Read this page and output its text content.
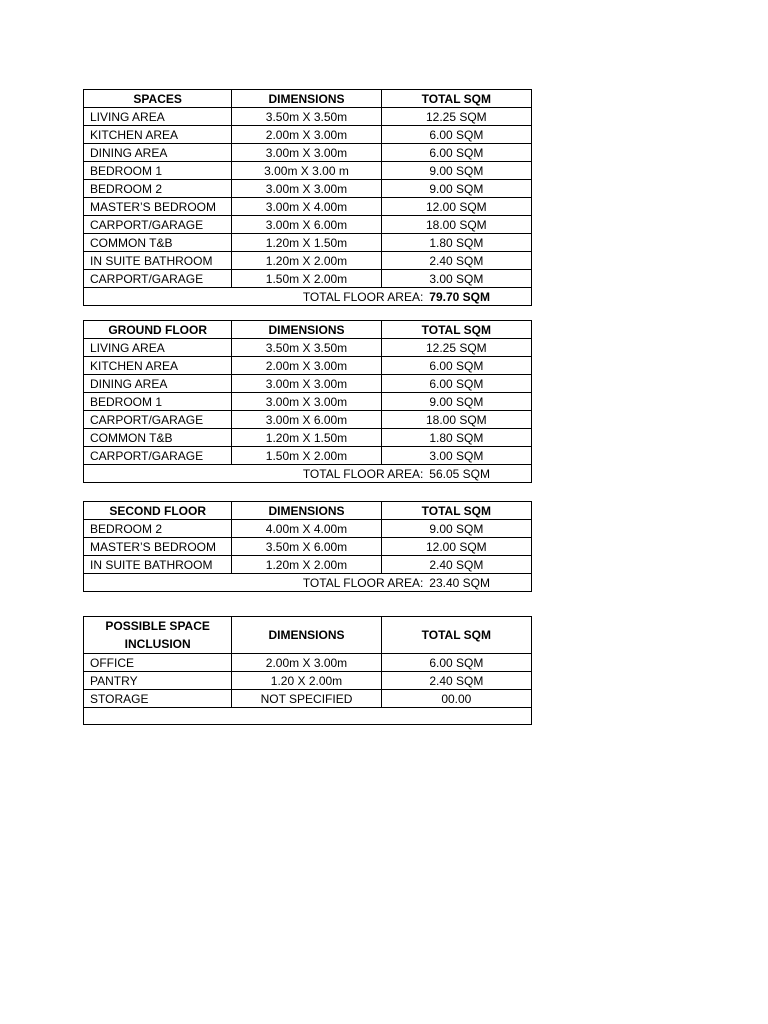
SPACES	DIMENSIONS	TOTAL SQM
LIVING AREA	3.50m X 3.50m	12.25 SQM
KITCHEN AREA	2.00m X 3.00m	6.00 SQM
DINING AREA	3.00m X 3.00m	6.00 SQM
BEDROOM 1	3.00m X 3.00 m	9.00 SQM
BEDROOM 2	3.00m X 3.00m	9.00 SQM
MASTER’S BEDROOM	3.00m X 4.00m	12.00 SQM
CARPORT/GARAGE	3.00m X 6.00m	18.00 SQM
COMMON T&B	1.20m X 1.50m	1.80 SQM
IN SUITE BATHROOM	1.20m X 2.00m	2.40 SQM
CARPORT/GARAGE	1.50m X 2.00m	3.00 SQM
TOTAL FLOOR AREA: 79.70 SQM		
GROUND FLOOR	DIMENSIONS	TOTAL SQM
LIVING AREA	3.50m X 3.50m	12.25 SQM
KITCHEN AREA	2.00m X 3.00m	6.00 SQM
DINING AREA	3.00m X 3.00m	6.00 SQM
BEDROOM 1	3.00m X 3.00m	9.00 SQM
CARPORT/GARAGE	3.00m X 6.00m	18.00 SQM
COMMON T&B	1.20m X 1.50m	1.80 SQM
CARPORT/GARAGE	1.50m X 2.00m	3.00 SQM
TOTAL FLOOR AREA: 56.05 SQM		
SECOND FLOOR	DIMENSIONS	TOTAL SQM
BEDROOM 2	4.00m X 4.00m	9.00 SQM
MASTER’S BEDROOM	3.50m X 6.00m	12.00 SQM
IN SUITE BATHROOM	1.20m X 2.00m	2.40 SQM
TOTAL FLOOR AREA: 23.40 SQM		
POSSIBLE SPACE INCLUSION	DIMENSIONS	TOTAL SQM
OFFICE	2.00m X 3.00m	6.00 SQM
PANTRY	1.20 X 2.00m	2.40 SQM
STORAGE	NOT SPECIFIED	00.00
